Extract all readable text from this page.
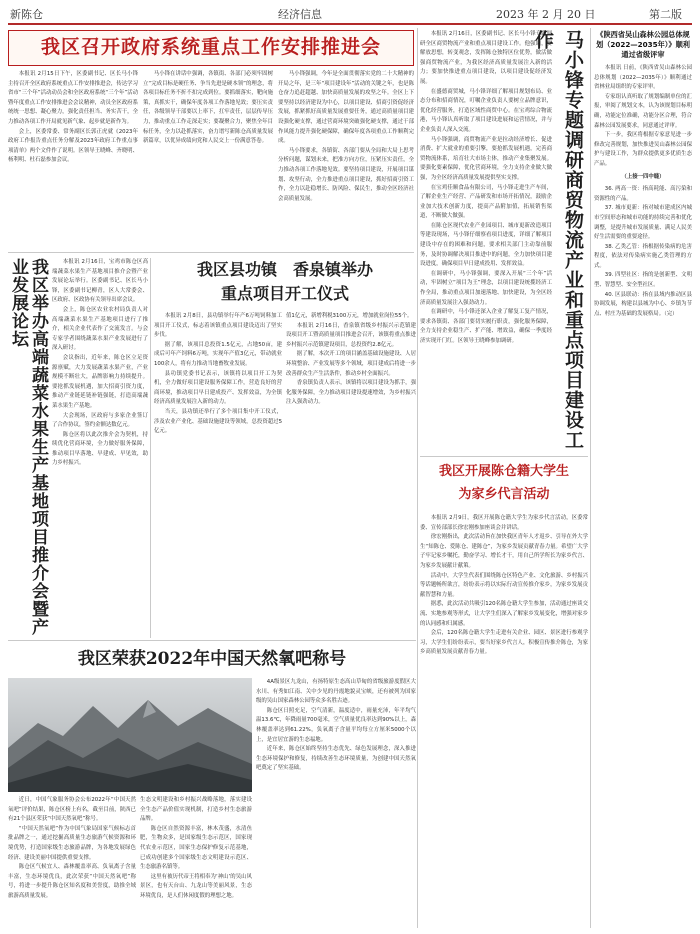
新陈仓	经济信息	2023 年 2 月 20 日	第二版
我区召开政府系统重点工作安排推进会

本报讯 2月15日下午，区委副书记、区长马小锋主持召开全区政府系统重点工作安排推进会，传达学习省市“三个年”活动动员会和全区政府系统“三个年”活动暨年度重点工作安排推进会会议精神，动员全区政府系统统一思想、凝心聚力，强化责任担当、务实苦干，全力推动各项工作开局就见新气象、起步就是新作为。

会上，区委常委、常务副区长郭正虎就《2023年政府工作报告重点任务分解及2023年政府工作重点事项清单》两个文件作了说明。区领导王晓峰、齐晓明、杨利明、杜石磊参加会议。

马小锋在讲话中强调，各镇街、各部门必须牢固树立“完成目标是硬任务、争当先进是硬本领”的理念，将各项目标任务不折不扣完成到位。要抓细落实，靶向施策，真抓实干，确保年度各项工作落地见效；要压实责任，各级领导干部要以上率下，扛牢责任，层层传导压力，推动重点工作走深走实；要凝聚合力，聚焦全年目标任务，全力以赴抓落实，奋力谱写新陈仓高质量发展新篇章，以优异成绩向党和人民交上一份满意答卷。

马小锋强调，今年是全面贯彻落实党的二十大精神的开局之年，是三年“项目建设年”活动的关键之年，也是陈仓奋力追赶超越、加快高质量发展的攻坚之年。全区上下要坚持以经济建设为中心，以项目建设、招商引资促经济发展，抓紧抓好高质量发展重要任务，通过高质量项目建设强化硬支撑，通过营商环境突破强化硬支撑，通过干部作风能力提升强化硬保障，确保年度各项重点工作顺利完成。

马小锋要求，各镇街、各部门要从全局和大局上思考分析问题，谋划未来，把准方向方位，压紧压实责任，全力推动各项工作落地见效。要坚持项目建设，开展项目谋划、攻坚行动，全力推进重点项目建设，抓好招商引资工作，全力以赴稳增长、防风险、保民生，推动全区经济社会高质量发展。

本报讯 2月16日，区委副书记、区长马小锋专题调研全区商贸物流产业和重点项目建设工作。他强调，要解放思想，转变观念，发挥陈仓独特区位优势，做活做强商贸物流产业，为我区经济高质量发展注入新的活力；要加快推进重点项目建设，以项目建设促经济发展。

在盛德商贸城，马小锋详细了解项目规划布局、业态分布和招商情况，叮嘱企业负责人要树立品牌意识，优化经营服务，打造区域性商贸中心。在宝鸡综合物流港，马小锋认真听取了项目建设进展和运营情况，并与企业负责人深入交流。

马小锋强调，商贸物流产业是拉动经济增长、促进消费、扩大就业的重要引擎，要抢抓发展机遇，完善商贸物流体系，培育壮大市场主体，推动产业集聚发展。要强化要素保障，优化营商环境，全力支持企业做大做强，为全区经济高质量发展提供坚实支撑。

在宝鸡佳顺食品有限公司，马小锋走进生产车间，了解企业生产经营、产品研发和市场开拓情况，鼓励企业加大技术创新力度，提高产品附加值，拓展销售渠道，不断做大做强。

在陈仓区现代农业产业园项目、城市更新改造项目等建设现场，马小锋仔细察看项目进度，详细了解项目建设中存在的困难和问题，要求相关部门主动靠前服务，及时协调解决项目推进中的问题，全力加快项目建设进度，确保项目早日建成投用、发挥效益。

在调研中，马小锋强调，要深入开展“三个年”活动，牢固树立“项目为王”理念，以项目建设统揽经济工作全局，推动重点项目加速落地、加快建设，为全区经济高质量发展注入强劲动力。

在调研中，马小锋还深入企业了解复工复产情况，要求各镇街、各部门要切实履行职责，强化服务保障，全力支持企业稳生产、扩产能、增效益，确保一季度经济实现开门红。区领导王晓峰参加调研。	马小锋专题调研商贸物流产业和重点项目建设工作	《陕西省吴山森林公园总体规划（2022—2035年）》顺利通过省级评审

本报讯 日前，《陕西省吴山森林公园总体规划（2022—2035年）》顺利通过省林业局组织的专家评审。

专家组认真听取了规划编制单位的汇报，审阅了规划文本，认为该规划目标明确，功能定位准确，功能分区合理，符合森林公园发展要求，同意通过评审。

下一步，我区将根据专家意见进一步修改完善规划，加快推进吴山森林公园保护与建设工作，为群众提供更多优质生态产品。

（上接一四中缝）

36. 两高一资：指高耗能、高污染和资源性的产品。

37. 城市更新：指对城市建成区内城市空间形态和城市功能的持续完善和优化调整，是提升城市发展质量、满足人民美好生活需要的重要途径。

38. 乙类乙管：指根据传染病的危害程度，依法对传染病实施乙类管理的方式。

39. 四型社区：指的是创新型、文明型、智慧型、安全型社区。

40. 区县联动：指在县域内推动区县协调发展，构建以县城为中心、乡镇为节点、村庄为基础的发展格局。（完）

我区举办高端蔬菜水果生产基地项目推介会暨产业发展论坛	本报讯 2月16日，宝鸡市陈仓区高端蔬菜水果生产基地项目推介会暨产业发展论坛举行。区委副书记、区长马小锋，区委副书记柳青，区人大常委会、区政府、区政协有关领导出席会议。

会上，陈仓区农业农村局负责人对高端蔬菜水果生产基地项目进行了推介，相关企业代表作了交流发言。与会专家学者围绕蔬菜水果产业发展进行了深入研讨。

会议指出，近年来，陈仓区立足资源禀赋，大力发展蔬菜水果产业，产业规模不断壮大，品牌影响力持续提升。要抢抓发展机遇，加大招商引资力度，推动产业链延链补链强链，打造高端蔬菜水果生产基地。

大会现场，区政府与多家企业签订了合作协议，签约金额达数亿元。

陈仓区将以此次推介会为契机，持续优化营商环境，全力做好服务保障，推动项目早落地、早建成、早见效，助力乡村振兴。

我区县功镇　香泉镇举办
重点项目开工仪式

本报讯 2月8日，县功镇举行年产6万吨饲料加工项目开工仪式，标志着该镇重点项目建设迈出了坚实步伐。

据了解，该项目总投资1.5亿元，占地50亩，建成后可年产饲料6万吨，实现年产值3亿元，带动就业100余人，将有力推动当地畜牧业发展。

县功镇党委书记表示，该镇将以项目开工为契机，全力做好项目建设服务保障工作，营造良好的营商环境，推动项目早日建成投产、发挥效益，为全镇经济高质量发展注入新的动力。

当天，县功镇还举行了多个项目集中开工仪式，涉及农业产业化、基础设施建设等领域，总投资超过5亿元。

值1亿元，新增利税3100万元，增加就业岗位55个。

本报讯 2月16日，香泉镇省级乡村振兴示范镇建设项目开工暨高质量项目推进会召开，该镇将重点推进乡村振兴示范镇建设项目，总投资约2.8亿元。

据了解，本次开工的项目涵盖基础设施建设、人居环境整治、产业发展等多个领域，项目建成后将进一步改善群众生产生活条件，推动乡村全面振兴。

香泉镇负责人表示，该镇将以项目建设为抓手，强化服务保障，全力推动项目建设提速增效，为乡村振兴注入强劲动力。

我区开展陈仓籍大学生
为家乡代言活动

本报讯 2月9日，我区开展陈仓籍大学生为家乡代言活动，区委常委、宣传部部长徐宏刚参加座谈会并讲话。

徐宏刚指出，此次活动旨在加快我区青年人才返乡、引导在外大学生“知陈仓、爱陈仓、建陈仓”，为家乡发展贡献青春力量。希望广大学子牢记家乡嘱托，勤奋学习、增长才干，用自己所学所长为家乡代言、为家乡发展献计献策。

活动中，大学生代表们围绕陈仓区特色产业、文化旅游、乡村振兴等话题畅所欲言，纷纷表示将以实际行动宣传推介家乡，为家乡发展贡献智慧和力量。

据悉，此次活动共吸引120名陈仓籍大学生参加，活动通过座谈交流、实地参观等形式，让大学生们深入了解家乡发展变化，增强对家乡的认同感和归属感。

会后，120名陈仓籍大学生走进有关企业、园区、景区进行参观学习，大学生们纷纷表示，要当好家乡代言人，积极宣传推介陈仓，为家乡高质量发展贡献青春力量。

我区荣获2022年中国天然氧吧称号

4A级景区九龙山，有扬特原生态高山草甸的省级旅游度假区大水川、有秀如江南、关中少见的丹霞地貌灵宝峡，还有被列为国家级的吴山国家森林公园等众多名胜古迹。

陈仓区日照充足，空气清新，温度适中，雨量充沛，年平均气温13.6℃，年降雨量700毫米，空气质量优良率达到90%以上，森林覆盖率达到61.22%，负氧离子含量平均每立方厘米5000个以上，是宜居宜游的生态福地。

近年来，陈仓区始终坚持生态优先、绿色发展理念，深入推进生态环境保护和修复，持续改善生态环境质量，为创建中国天然氧吧奠定了坚实基础。

近日，中国气象服务协会公布2022年“中国天然氧吧”评价结果，陈仓区榜上有名，截至目前，陕西已有21个县区荣获“中国天然氧吧”称号。

“中国天然氧吧”作为中国气象局国家气候标志首批品牌之一，通过挖掘高质量生态旅游气候资源和环境优势，打造国家级生态旅游品牌，为各地发展绿色经济、建设美丽中国提供重要支撑。

陈仓区气候宜人、森林覆盖率高、负氧离子含量丰富，生态环境优良，此次荣获“中国天然氧吧”称号，将进一步提升陈仓区知名度和美誉度，助推全域旅游高质量发展。

生态文明建设和乡村振兴战略落地，落实建设全生态产品价值实现机制，打造乡村生态旅游品牌。

陈仓区自然资源丰富，林木茂盛，水清鱼肥，生物众多，是国家级生态示范区，国家现代农业示范区，国家生态保护修复示范基地，已成功创建多个国家级生态文明建设示范区、生态旅游名镇等。

这里有被历代帝王将相奉为‘神山’的吴山风景区，也有天台山、九龙山等美丽风景，生态环境优良，是人们休闲度假的理想之地。
